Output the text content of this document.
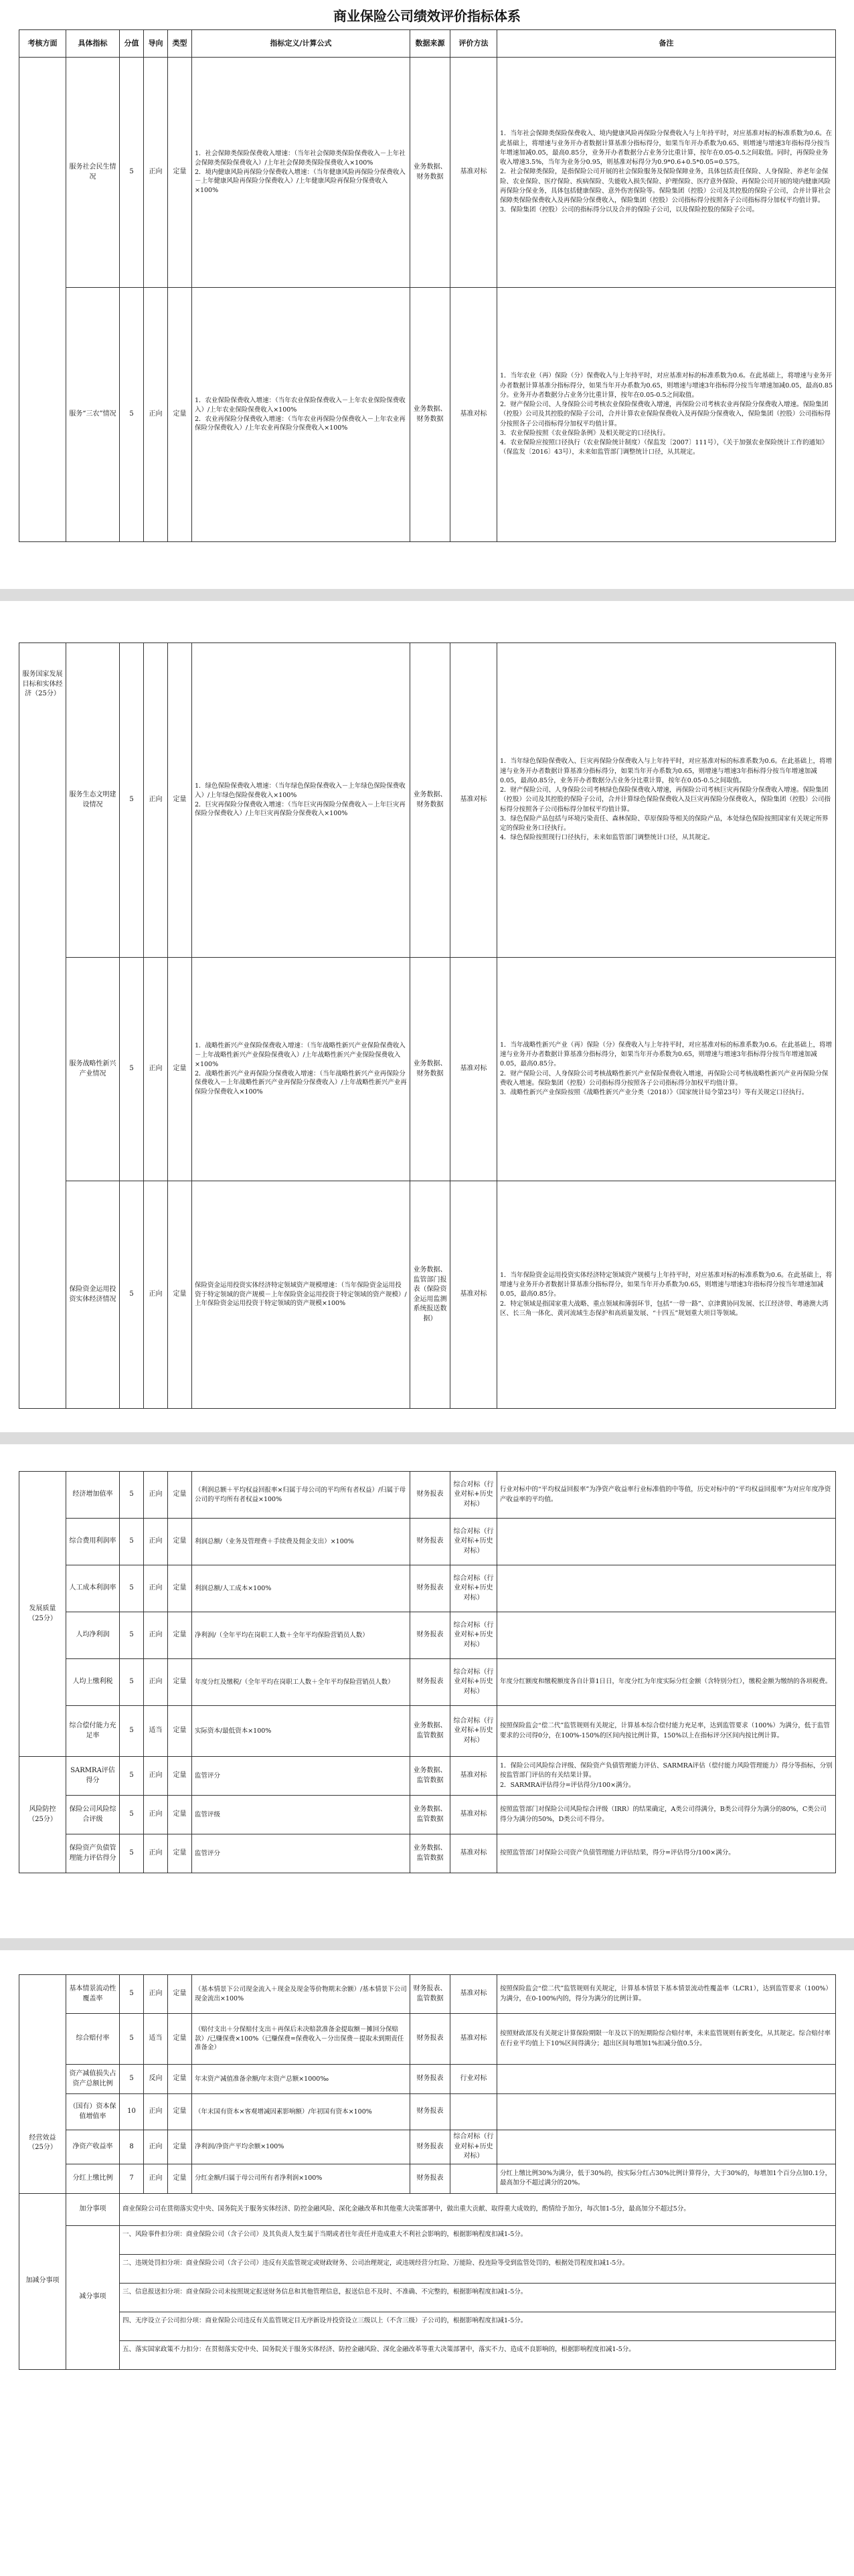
商业保险公司绩效评价指标体系
考核方面	具体指标	分值	导向	类型	指标定义/计算公式	数据来源	评价方法	备注
	服务社会民生情况	5	正向	定量	1．社会保障类保险保费收入增速：（当年社会保障类保险保费收入－上年社会保障类保险保费收入）/上年社会保障类保险保费收入×100%
2．境内健康风险再保险分保费收入增速：（当年健康风险再保险分保费收入－上年健康风险再保险分保费收入）/上年健康风险再保险分保费收入×100%	业务数据、财务数据	基准对标	1．当年社会保障类保险保费收入、境内健康风险再保险分保费收入与上年持平时，对应基准对标的标准系数为0.6。在此基础上，将增速与业务开办者数据计算基准分指标得分，如果当年开办系数为0.65、则增速与增速3年指标得分按当年增速加减0.05，最高0.85分，业务开办者数据分占业务分比重计算，按年在0.05-0.5之间取值。同时，再保险业务收入增速3.5%，当年为业务分0.95，则基准对标得分为0.9*0.6+0.5*0.05=0.575。
2．社会保障类保险，是指保险公司开展的社会保险服务及保险保障业务，具体包括责任保险、人身保险、养老年金保险、农业保险、医疗保险、疾病保险、失能收入损失保险、护理保险、医疗意外保险、再保险公司开展的境内健康风险再保险分保业务，具体包括健康保险、意外伤害保险等。保险集团（控股）公司及其控股的保险子公司，合并计算社会保障类保险保费收入及再保险分保费收入，保险集团（控股）公司指标得分按照各子公司指标得分加权平均值计算。
3．保险集团（控股）公司的指标得分以及合并的保险子公司，以及保险控股的保险子公司。
	服务“三农”情况	5	正向	定量	1．农业保险保费收入增速：（当年农业保险保费收入－上年农业保险保费收入）/上年农业保险保费收入×100%
2．农业再保险分保费收入增速：（当年农业再保险分保费收入－上年农业再保险分保费收入）/上年农业再保险分保费收入×100%	业务数据、财务数据	基准对标	1．当年农业（再）保险（分）保费收入与上年持平时，对应基准对标的标准系数为0.6。在此基础上，将增速与业务开办者数据计算基准分指标得分，如果当年开办系数为0.65，则增速与增速3年指标得分按当年增速加减0.05，最高0.85分。业务开办者数据分占业务分比重计算，按年在0.05-0.5之间取值。
2．财产保险公司、人身保险公司考核农业保险保费收入增速，再保险公司考核农业再保险分保费收入增速。保险集团（控股）公司及其控股的保险子公司，合并计算农业保险保费收入及再保险分保费收入，保险集团（控股）公司指标得分按照各子公司指标得分加权平均值计算。
3．农业保险按照《农业保险条例》及相关规定的口径执行。
4．农业保险应按照口径执行（农业保险统计制度）（保监发〔2007〕111号），《关于加强农业保险统计工作的通知》（保监发〔2016〕43号），未来如监管部门调整统计口径，从其规定。
服务国家发展目标和实体经济（25分）	服务生态文明建设情况	5	正向	定量	1．绿色保险保费收入增速：（当年绿色保险保费收入－上年绿色保险保费收入）/上年绿色保险保费收入×100%
2．巨灾再保险分保费收入增速：（当年巨灾再保险分保费收入－上年巨灾再保险分保费收入）/上年巨灾再保险分保费收入×100%	业务数据、财务数据	基准对标	1．当年绿色保险保费收入、巨灾再保险分保费收入与上年持平时，对应基准对标的标准系数为0.6。在此基础上，将增速与业务开办者数据计算基准分指标得分，如果当年开办系数为0.65，则增速与增速3年指标得分按当年增速加减0.05，最高0.85分，业务开办者数据分占业务分比重计算，按年在0.05-0.5之间取值。
2．财产保险公司、人身保险公司考核绿色保险保费收入增速，再保险公司考核巨灾再保险分保费收入增速。保险集团（控股）公司及其控股的保险子公司，合并计算绿色保险保费收入及巨灾再保险分保费收入，保险集团（控股）公司指标得分按照各子公司指标得分加权平均值计算。
3．绿色保险产品包括与环境污染责任、森林保险、草原保险等相关的保险产品，本处绿色保险按照国家有关规定所界定的保险业务口径执行。
4．绿色保险按照现行口径执行，未来如监管部门调整统计口径，从其规定。
	服务战略性新兴产业情况	5	正向	定量	1．战略性新兴产业保险保费收入增速：（当年战略性新兴产业保险保费收入－上年战略性新兴产业保险保费收入）/上年战略性新兴产业保险保费收入×100%
2．战略性新兴产业再保险分保费收入增速：（当年战略性新兴产业再保险分保费收入－上年战略性新兴产业再保险分保费收入）/上年战略性新兴产业再保险分保费收入×100%	业务数据、财务数据	基准对标	1．当年战略性新兴产业（再）保险（分）保费收入与上年持平时，对应基准对标的标准系数为0.6。在此基础上，将增速与业务开办者数据计算基准分指标得分，如果当年开办系数为0.65，则增速与增速3年指标得分按当年增速加减0.05，最高0.85分。
2．财产保险公司、人身保险公司考核战略性新兴产业保险保费收入增速，再保险公司考核战略性新兴产业再保险分保费收入增速。保险集团（控股）公司指标得分按照各子公司指标得分加权平均值计算。
3．战略性新兴产业保险按照《战略性新兴产业分类（2018）》（国家统计局令第23号）等有关规定口径执行。
	保险资金运用投资实体经济情况	5	正向	定量	保险资金运用投资实体经济特定领域资产规模增速：（当年保险资金运用投资于特定领域的资产规模－上年保险资金运用投资于特定领域的资产规模）/上年保险资金运用投资于特定领域的资产规模×100%	业务数据、监管部门报表（保险资金运用监测系统报送数据）	基准对标	1．当年保险资金运用投资实体经济特定领域资产规模与上年持平时，对应基准对标的标准系数为0.6。在此基础上，将增速与业务开办者数据计算基准分指标得分，如果当年开办系数为0.65，则增速与增速3年指标得分按当年增速加减0.05，最高0.85分。
2．特定领域是指国家重大战略、重点领域和薄弱环节，包括“一带一路”、京津冀协同发展、长江经济带、粤港澳大湾区、长三角一体化、黄河流域生态保护和高质量发展、“十四五”规划重大项目等领域。
发展质量（25分）	经济增加值率	5	正向	定量	（利润总额＋平均权益回报率×归属于母公司的平均所有者权益）/归属于母公司的平均所有者权益×100%	财务报表	综合对标（行业对标+历史对标）	行业对标中的“平均权益回报率”为净资产收益率行业标准值的中等值，历史对标中的“平均权益回报率”为对应年度净资产收益率的平均值。
	综合费用利润率	5	正向	定量	利润总额/（业务及管理费＋手续费及佣金支出）×100%	财务报表	综合对标（行业对标+历史对标）	
	人工成本利润率	5	正向	定量	利润总额/人工成本×100%	财务报表	综合对标（行业对标+历史对标）	
	人均净利润	5	正向	定量	净利润/（全年平均在岗职工人数＋全年平均保险营销员人数）	财务报表	综合对标（行业对标+历史对标）	
	人均上缴利税	5	正向	定量	年度分红及缴税/（全年平均在岗职工人数＋全年平均保险营销员人数）	财务报表	综合对标（行业对标+历史对标）	年度分红额度和缴税额度各自计算1日日，年度分红为年度实际分红金额（含特别分红），缴税金额为缴纳的各项税费。
	综合偿付能力充足率	5	适当	定量	实际资本/最低资本×100%	业务数据、监管数据	综合对标（行业对标+历史对标）	按照保险监会“偿二代”监管规则有关规定，计算基本综合偿付能力充足率，达到监管要求（100%）为满分，低于监管要求的公司得0分，在100%-150%的区间内按比例计算，150%以上在指标评分区间内按比例计算。
风险防控（25分）	SARMRA评估得分	5	正向	定量	监管评分	业务数据、监管数据	基准对标	1．保险公司风险综合评级、保险资产负债管理能力评估、SARMRA评估（偿付能力风险管理能力）得分等指标，分别按监管部门评估的有关结果计算。
2．SARMRA评估得分=评估得分/100×满分。
	保险公司风险综合评级	5	正向	定量	监管评级	业务数据、监管数据	基准对标	按照监管部门对保险公司风险综合评级（IRR）的结果确定，A类公司得满分，B类公司得分为满分的80%，C类公司得分为满分的50%，D类公司不得分。
	保险资产负债管理能力评估得分	5	正向	定量	监管评分	业务数据、监管数据	基准对标	按照监管部门对保险公司资产负债管理能力评估结果，得分=评估得分/100×满分。
经营效益（25分）	基本情景流动性覆盖率	5	正向	定量	（基本情景下公司现金流入＋现金及现金等价物期末余额）/基本情景下公司现金流出×100%	财务报表、监管数据	基准对标	按照保险监会“偿二代”监管规则有关规定，计算基本情景下基本情景流动性覆盖率（LCR1），达到监管要求（100%）为满分，在0-100%内的，得分为满分的比例计算。
	综合赔付率	5	适当	定量	（赔付支出＋分保赔付支出＋再保后未决赔款准备金提取额－摊回分保赔款）/已赚保费×100%（已赚保费=保费收入－分出保费－提取未到期责任准备金）	财务报表	基准对标	按照财政部及有关规定计算保险期限一年及以下的短期险综合赔付率，未来监管规则有新变化，从其规定。综合赔付率在行业平均值上下10%区间得满分；超出区间每增加1%扣减分值0.5分。
	资产减值损失占资产总额比例	5	反向	定量	年末资产减值准备余额/年末资产总额×1000‰	财务报表	行业对标	
	（国有）资本保值增值率	10	正向	定量	（年末国有资本×客观增减因素影响额）/年初国有资本×100%	财务报表		
	净资产收益率	8	正向	定量	净利润/净资产平均余额×100%	财务报表	综合对标（行业对标+历史对标）	
	分红上缴比例	7	正向	定量	分红金额/归属于母公司所有者净利润×100%	财务报表		分红上缴比例30%为满分，低于30%的，按实际分红占30%比例计算得分，大于30%的，每增加1个百分点加0.1分，最高加分不超过满分的20%。
加减分事项	加分事项	商业保险公司在贯彻落实党中央、国务院关于服务实体经济、防控金融风险、深化金融改革和其他重大决策部署中，做出重大贡献、取得重大成效的，酌情给予加分，每次加1-5分，最高加分不超过5分。						
	减分事项	一、风险事件扣分项：商业保险公司（含子公司）及其负责人发生属于当期或者往年责任并造成重大不利社会影响的，根据影响程度扣减1-5分。
二、违规处罚扣分项：商业保险公司（含子公司）违反有关监管规定或财政财务、公司治理规定，或违规经营分红险、万能险、投连险等受到监管处罚的，根据处罚程度扣减1-5分。
三、信息报送扣分项：商业保险公司未按照规定报送财务信息和其他管理信息，报送信息不及时、不准确、不完整的，根据影响程度扣减1-5分。
四、无序设立子公司扣分项：商业保险公司违反有关监管规定目无序新设并投资设立三级以上（不含三级）子公司的，根据影响程度扣减1-5分。
五、落实国家政策不力扣分：在贯彻落实党中央、国务院关于服务实体经济、防控金融风险、深化金融改革等重大决策部署中，落实不力、造成不良影响的，根据影响程度扣减1-5分。						
